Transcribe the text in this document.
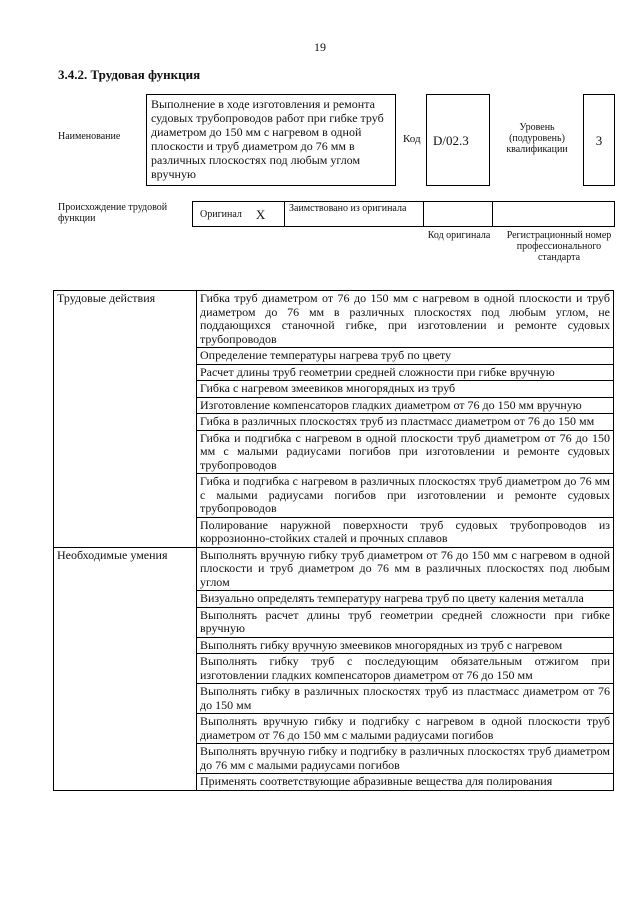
19
3.4.2. Трудовая функция
Наименование
Выполнение в ходе изготовления и ремонта судовых трубопроводов работ при гибке труб диаметром до 150 мм с нагревом в одной плоскости и труб диаметром до 76 мм в различных плоскостях под любым углом вручную
Код D/02.3
Уровень (подуровень) квалификации
3
Происхождение трудовой функции	Оригинал X	Заимствовано из оригинала
Код оригинала	Регистрационный номер профессионального стандарта
Трудовые действия	Гибка труб диаметром от 76 до 150 мм с нагревом в одной плоскости и труб диаметром до 76 мм в различных плоскостях под любым углом, не поддающихся станочной гибке, при изготовлении и ремонте судовых трубопроводов
	Определение температуры нагрева труб по цвету
	Расчет длины труб геометрии средней сложности при гибке вручную
	Гибка с нагревом змеевиков многорядных из труб
	Изготовление компенсаторов гладких диаметром от 76 до 150 мм вручную
	Гибка в различных плоскостях труб из пластмасс диаметром от 76 до 150 мм
	Гибка и подгибка с нагревом в одной плоскости труб диаметром от 76 до 150 мм с малыми радиусами погибов при изготовлении и ремонте судовых трубопроводов
	Гибка и подгибка с нагревом в различных плоскостях труб диаметром до 76 мм с малыми радиусами погибов при изготовлении и ремонте судовых трубопроводов
	Полирование наружной поверхности труб судовых трубопроводов из коррозионно-стойких сталей и прочных сплавов
Необходимые умения	Выполнять вручную гибку труб диаметром от 76 до 150 мм с нагревом в одной плоскости и труб диаметром до 76 мм в различных плоскостях под любым углом
	Визуально определять температуру нагрева труб по цвету каления металла
	Выполнять расчет длины труб геометрии средней сложности при гибке вручную
	Выполнять гибку вручную змеевиков многорядных из труб с нагревом
	Выполнять гибку труб с последующим обязательным отжигом при изготовлении гладких компенсаторов диаметром от 76 до 150 мм
	Выполнять гибку в различных плоскостях труб из пластмасс диаметром от 76 до 150 мм
	Выполнять вручную гибку и подгибку с нагревом в одной плоскости труб диаметром от 76 до 150 мм с малыми радиусами погибов
	Выполнять вручную гибку и подгибку в различных плоскостях труб диаметром до 76 мм с малыми радиусами погибов
	Применять соответствующие абразивные вещества для полирования
